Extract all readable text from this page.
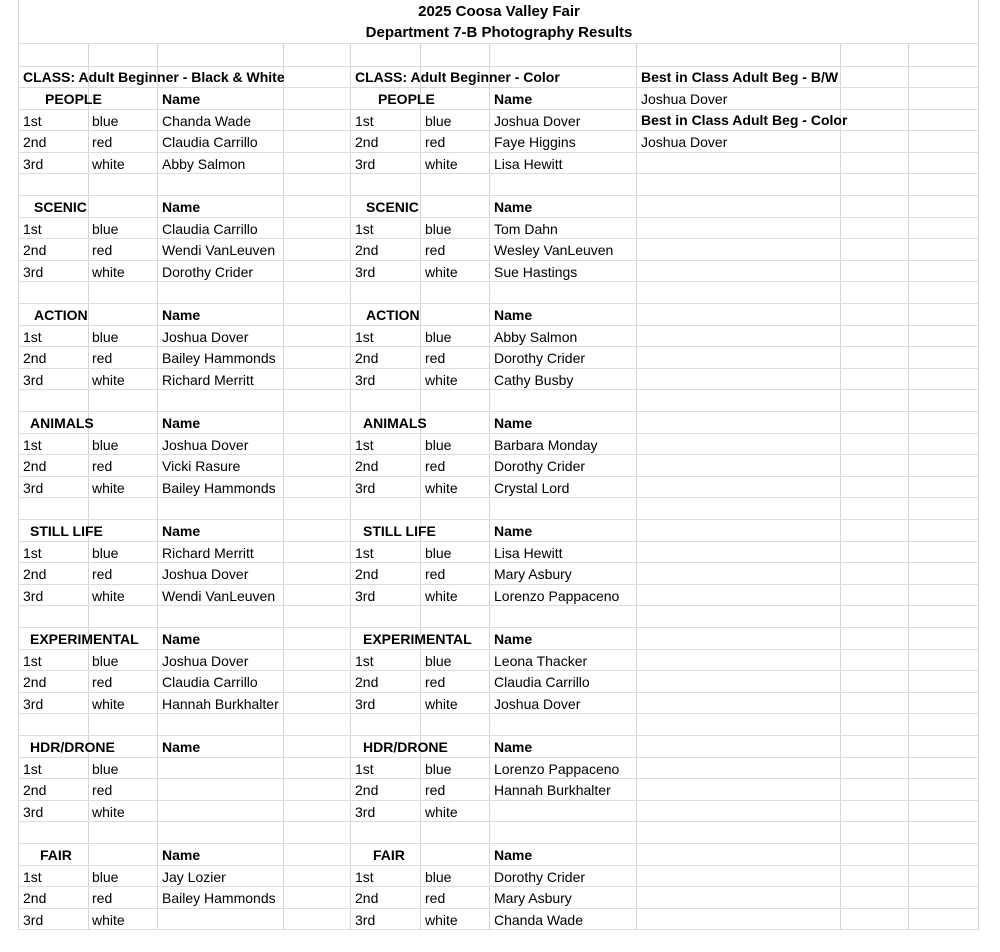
2025 Coosa Valley Fair
Department 7-B Photography Results
CLASS: Adult Beginner - Black & White	CLASS: Adult Beginner - Color	Best in Class Adult Beg - B/W
Joshua Dover
Best in Class Adult Beg - Color
Joshua Dover
PEOPLE	Name
1st	blue	Chanda Wade
2nd	red	Claudia Carrillo
3rd	white	Abby Salmon
SCENIC	Name
1st	blue	Claudia Carrillo
2nd	red	Wendi VanLeuven
3rd	white	Dorothy Crider
ACTION	Name
1st	blue	Joshua Dover
2nd	red	Bailey Hammonds
3rd	white	Richard Merritt
ANIMALS	Name
1st	blue	Joshua Dover
2nd	red	Vicki Rasure
3rd	white	Bailey Hammonds
STILL LIFE	Name
1st	blue	Richard Merritt
2nd	red	Joshua Dover
3rd	white	Wendi VanLeuven
EXPERIMENTAL Name
1st	blue	Joshua Dover
2nd	red	Claudia Carrillo
3rd	white	Hannah Burkhalter
HDR/DRONE	Name
1st	blue
2nd	red
3rd	white
FAIR	Name
1st	blue	Jay Lozier
2nd	red	Bailey Hammonds
3rd	white
PEOPLE	Name
1st	blue	Joshua Dover
2nd	red	Faye Higgins
3rd	white	Lisa Hewitt
SCENIC	Name
1st	blue	Tom Dahn
2nd	red	Wesley VanLeuven
3rd	white	Sue Hastings
ACTION	Name
1st	blue	Abby Salmon
2nd	red	Dorothy Crider
3rd	white	Cathy Busby
ANIMALS	Name
1st	blue	Barbara Monday
2nd	red	Dorothy Crider
3rd	white	Crystal Lord
STILL LIFE	Name
1st	blue	Lisa Hewitt
2nd	red	Mary Asbury
3rd	white	Lorenzo Pappaceno
EXPERIMENTAL Name
1st	blue	Leona Thacker
2nd	red	Claudia Carrillo
3rd	white	Joshua Dover
HDR/DRONE	Name
1st	blue	Lorenzo Pappaceno
2nd	red	Hannah Burkhalter
3rd	white
FAIR	Name
1st	blue	Dorothy Crider
2nd	red	Mary Asbury
3rd	white	Chanda Wade
